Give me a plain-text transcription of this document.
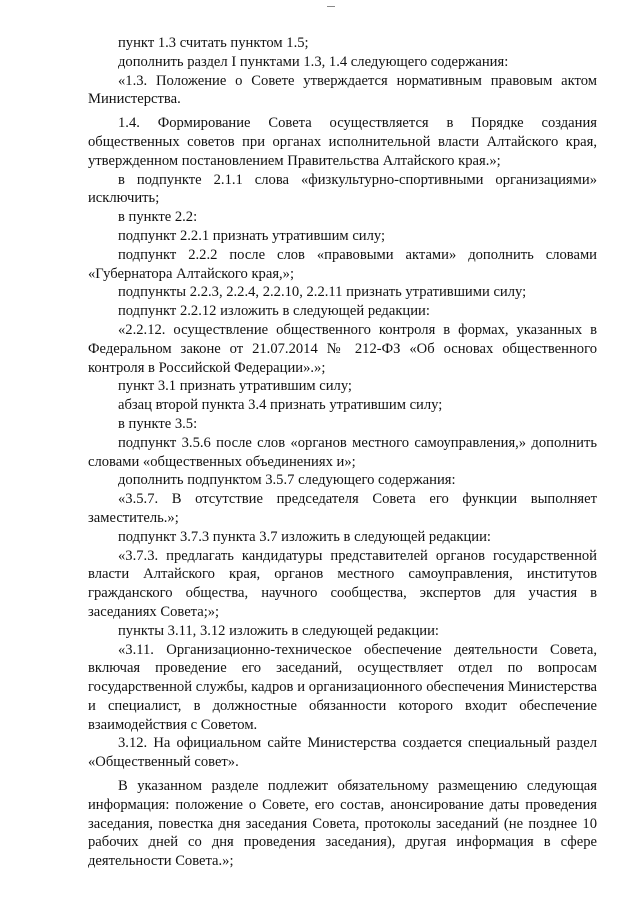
пункт 1.3 считать пунктом 1.5;

дополнить раздел I пунктами 1.3, 1.4 следующего содержания:

«1.3. Положение о Совете утверждается нормативным правовым актом Министерства.

1.4. Формирование Совета осуществляется в Порядке создания общественных советов при органах исполнительной власти Алтайского края, утвержденном постановлением Правительства Алтайского края.»;

в подпункте 2.1.1 слова «физкультурно-спортивными организациями» исключить;

в пункте 2.2:

подпункт 2.2.1 признать утратившим силу;

подпункт 2.2.2 после слов «правовыми актами» дополнить словами «Губернатора Алтайского края,»;

подпункты 2.2.3, 2.2.4, 2.2.10, 2.2.11 признать утратившими силу;

подпункт 2.2.12 изложить в следующей редакции:

«2.2.12. осуществление общественного контроля в формах, указанных в Федеральном законе от 21.07.2014 № 212-ФЗ «Об основах общественного контроля в Российской Федерации».»;

пункт 3.1 признать утратившим силу;

абзац второй пункта 3.4 признать утратившим силу;

в пункте 3.5:

подпункт 3.5.6 после слов «органов местного самоуправления,» дополнить словами «общественных объединениях и»;

дополнить подпунктом 3.5.7 следующего содержания:

«3.5.7. В отсутствие председателя Совета его функции выполняет заместитель.»;

подпункт 3.7.3 пункта 3.7 изложить в следующей редакции:

«3.7.3. предлагать кандидатуры представителей органов государственной власти Алтайского края, органов местного самоуправления, институтов гражданского общества, научного сообщества, экспертов для участия в заседаниях Совета;»;

пункты 3.11, 3.12 изложить в следующей редакции:

«3.11. Организационно-техническое обеспечение деятельности Совета, включая проведение его заседаний, осуществляет отдел по вопросам государственной службы, кадров и организационного обеспечения Министерства и специалист, в должностные обязанности которого входит обеспечение взаимодействия с Советом.

3.12. На официальном сайте Министерства создается специальный раздел «Общественный совет».

В указанном разделе подлежит обязательному размещению следующая информация: положение о Совете, его состав, анонсирование даты проведения заседания, повестка дня заседания Совета, протоколы заседаний (не позднее 10 рабочих дней со дня проведения заседания), другая информация в сфере деятельности Совета.»;
